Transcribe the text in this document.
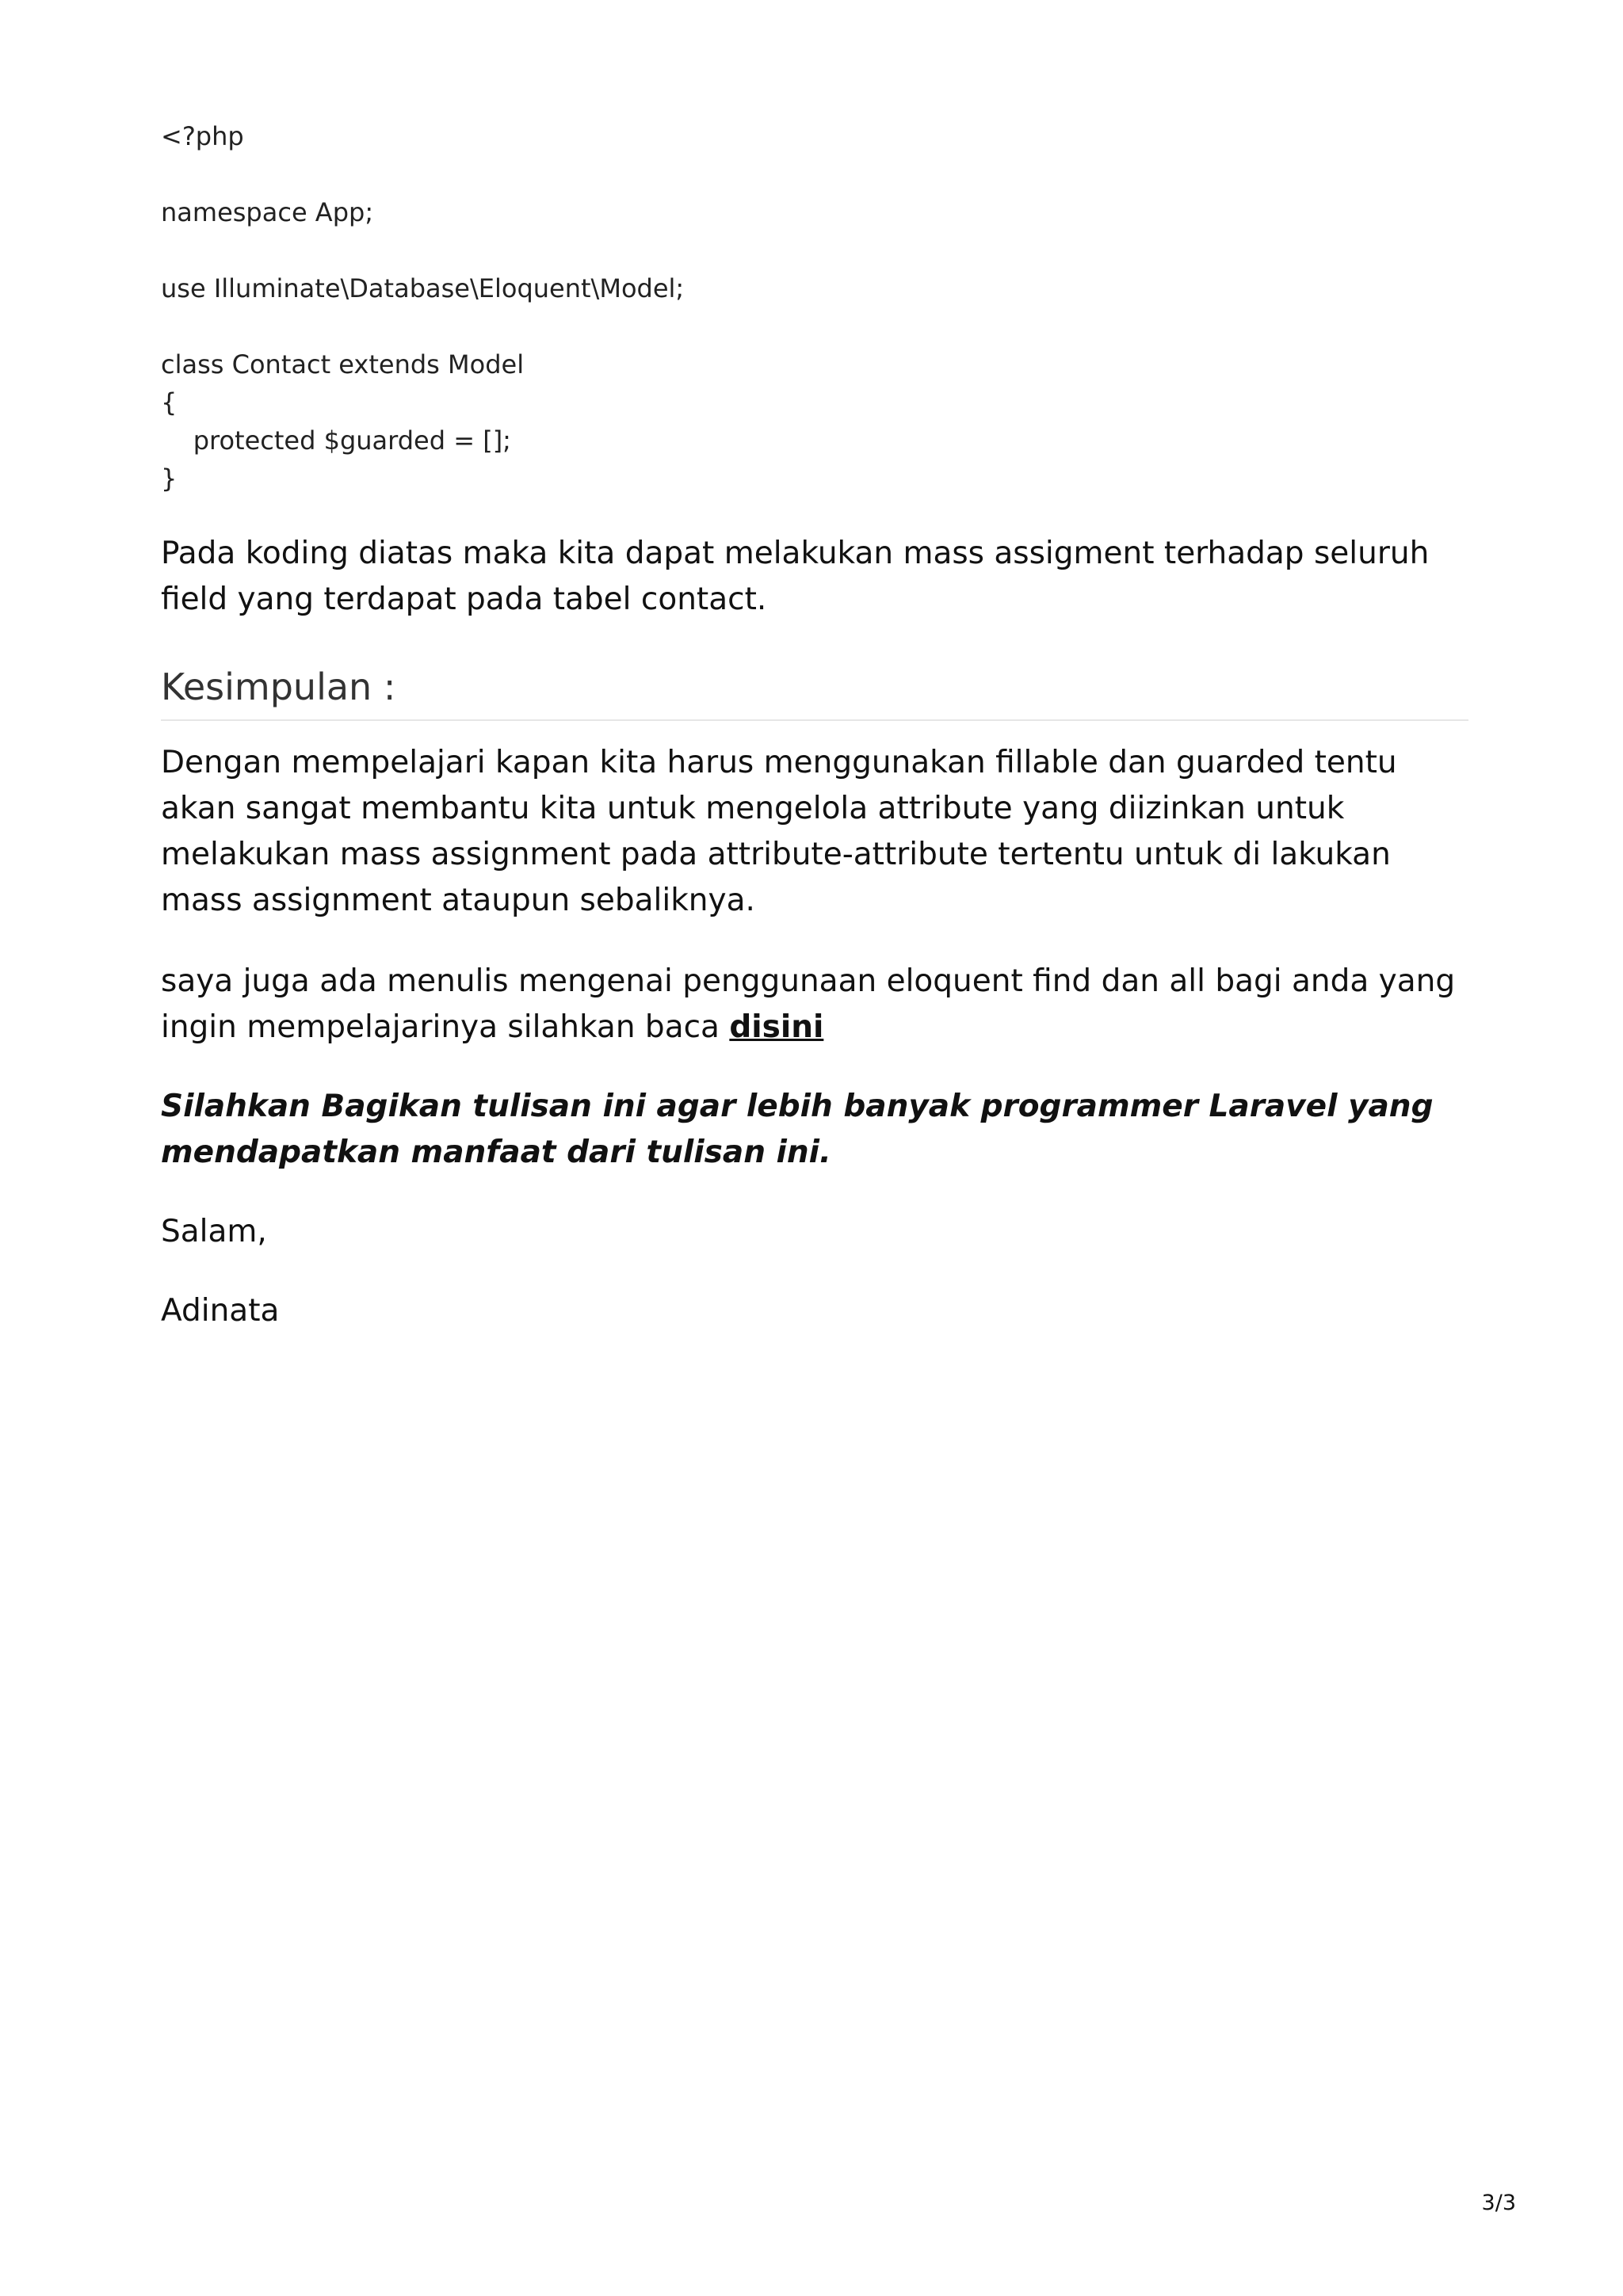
<?php
namespace App;
use Illuminate\Database\Eloquent\Model;
class Contact extends Model
{
protected $guarded = [];
}

Pada koding diatas maka kita dapat melakukan mass assigment terhadap seluruh field yang terdapat pada tabel contact.

Kesimpulan :

Dengan mempelajari kapan kita harus menggunakan fillable dan guarded tentu akan sangat membantu kita untuk mengelola attribute yang diizinkan untuk melakukan mass assignment pada attribute-attribute tertentu untuk di lakukan mass assignment ataupun sebaliknya.

saya juga ada menulis mengenai penggunaan eloquent find dan all bagi anda yang ingin mempelajarinya silahkan baca disini

Silahkan Bagikan tulisan ini agar lebih banyak programmer Laravel yang mendapatkan manfaat dari tulisan ini.

Salam,

Adinata

3/3
